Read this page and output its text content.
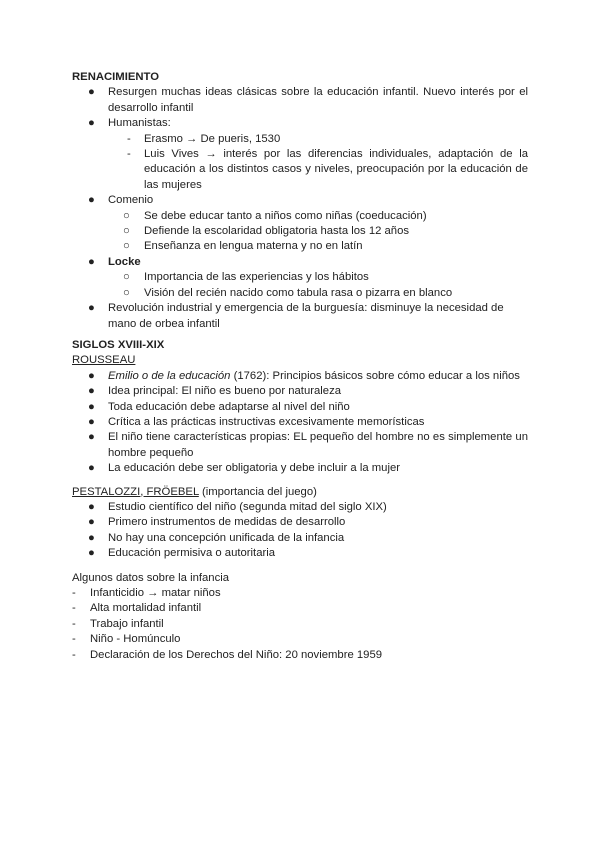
RENACIMIENTO

●	Resurgen muchas ideas clásicas sobre la educación infantil. Nuevo interés por el desarrollo infantil
●	Humanistas:
- Erasmo → De pueris, 1530
- Luis Vives → interés por las diferencias individuales, adaptación de la educación a los distintos casos y niveles, preocupación por la educación de las mujeres
●	Comenio
○	Se debe educar tanto a niños como niñas (coeducación)
○	Defiende la escolaridad obligatoria hasta los 12 años
○	Enseñanza en lengua materna y no en latín
●	Locke
○	Importancia de las experiencias y los hábitos
○	Visión del recién nacido como tabula rasa o pizarra en blanco
●	Revolución industrial y emergencia de la burguesía: disminuye la necesidad de mano de orbea infantil

SIGLOS XVIII-XIX

ROUSSEAU

●	Emilio o de la educación (1762): Principios básicos sobre cómo educar a los niños
●	Idea principal: El niño es bueno por naturaleza
●	Toda educación debe adaptarse al nivel del niño
●	Crítica a las prácticas instructivas excesivamente memorísticas
●	El niño tiene características propias: EL pequeño del hombre no es simplemente un hombre pequeño
●	La educación debe ser obligatoria y debe incluir a la mujer

PESTALOZZI, FRÖEBEL (importancia del juego)

●	Estudio científico del niño (segunda mitad del siglo XIX)
●	Primero instrumentos de medidas de desarrollo
●	No hay una concepción unificada de la infancia
●	Educación permisiva o autoritaria

Algunos datos sobre la infancia

- Infanticidio → matar niños
- Alta mortalidad infantil
- Trabajo infantil
- Niño - Homúnculo
- Declaración de los Derechos del Niño: 20 noviembre 1959
